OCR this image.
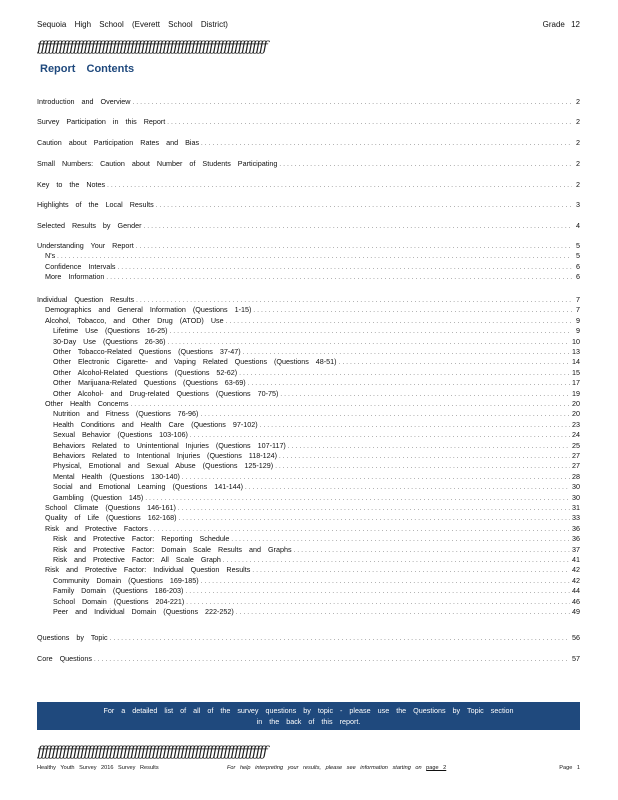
Sequoia High School (Everett School District)	Grade 12
ƒƒƒƒƒƒƒƒƒƒƒƒƒƒƒƒƒƒƒƒƒƒƒƒƒƒƒƒƒƒƒƒƒƒƒƒƒƒƒƒƒƒƒƒƒƒƒƒƒƒƒƒƒƒƒƒƒƒƒƒƒƒƒƒ
Report Contents
Introduction and Overview .....	2
Survey Participation in this Report .....	2
Caution about Participation Rates and Bias .....	2
Small Numbers: Caution about Number of Students Participating .....	2
Key to the Notes .....	2
Highlights of the Local Results .....	3
Selected Results by Gender .....	4
Understanding Your Report .....	5
N's .....	5
Confidence Intervals .....	6
More Information .....	6
Individual Question Results .....	7
Demographics and General Information (Questions 1-15) .....	7
Alcohol, Tobacco, and Other Drug (ATOD) Use .....	9
Lifetime Use (Questions 16-25) .....	9
30-Day Use (Questions 26-36) .....	10
Other Tobacco-Related Questions (Questions 37-47) .....	13
Other Electronic Cigarette- and Vaping Related Questions (Questions 48-51) .....	14
Other Alcohol-Related Questions (Questions 52-62) .....	15
Other Marijuana-Related Questions (Questions 63-69) .....	17
Other Alcohol- and Drug-related Questions (Questions 70-75) .....	19
Other Health Concerns .....	20
Nutrition and Fitness (Questions 76-96) .....	20
Health Conditions and Health Care (Questions 97-102) .....	23
Sexual Behavior (Questions 103-106) .....	24
Behaviors Related to Unintentional Injuries (Questions 107-117) .....	25
Behaviors Related to Intentional Injuries (Questions 118-124) .....	27
Physical, Emotional and Sexual Abuse (Questions 125-129) .....	27
Mental Health (Questions 130-140) .....	28
Social and Emotional Learning (Questions 141-144) .....	30
Gambling (Question 145) .....	30
School Climate (Questions 146-161) .....	31
Quality of Life (Questions 162-168) .....	33
Risk and Protective Factors .....	36
Risk and Protective Factor: Reporting Schedule .....	36
Risk and Protective Factor: Domain Scale Results and Graphs .....	37
Risk and Protective Factor: All Scale Graph .....	41
Risk and Protective Factor: Individual Question Results .....	42
Community Domain (Questions 169-185) .....	42
Family Domain (Questions 186-203) .....	44
School Domain (Questions 204-221) .....	46
Peer and Individual Domain (Questions 222-252) .....	49
Questions by Topic .....	56
Core Questions .....	57
For a detailed list of all of the survey questions by topic - please use the Questions by Topic section
in the back of this report.
ƒƒƒƒƒƒƒƒƒƒƒƒƒƒƒƒƒƒƒƒƒƒƒƒƒƒƒƒƒƒƒƒƒƒƒƒƒƒƒƒƒƒƒƒƒƒƒƒƒƒƒƒƒƒƒƒƒƒƒƒƒƒƒƒ
Healthy Youth Survey 2016 Survey Results	For help interpreting your results, please see information starting on page 2	Page 1
